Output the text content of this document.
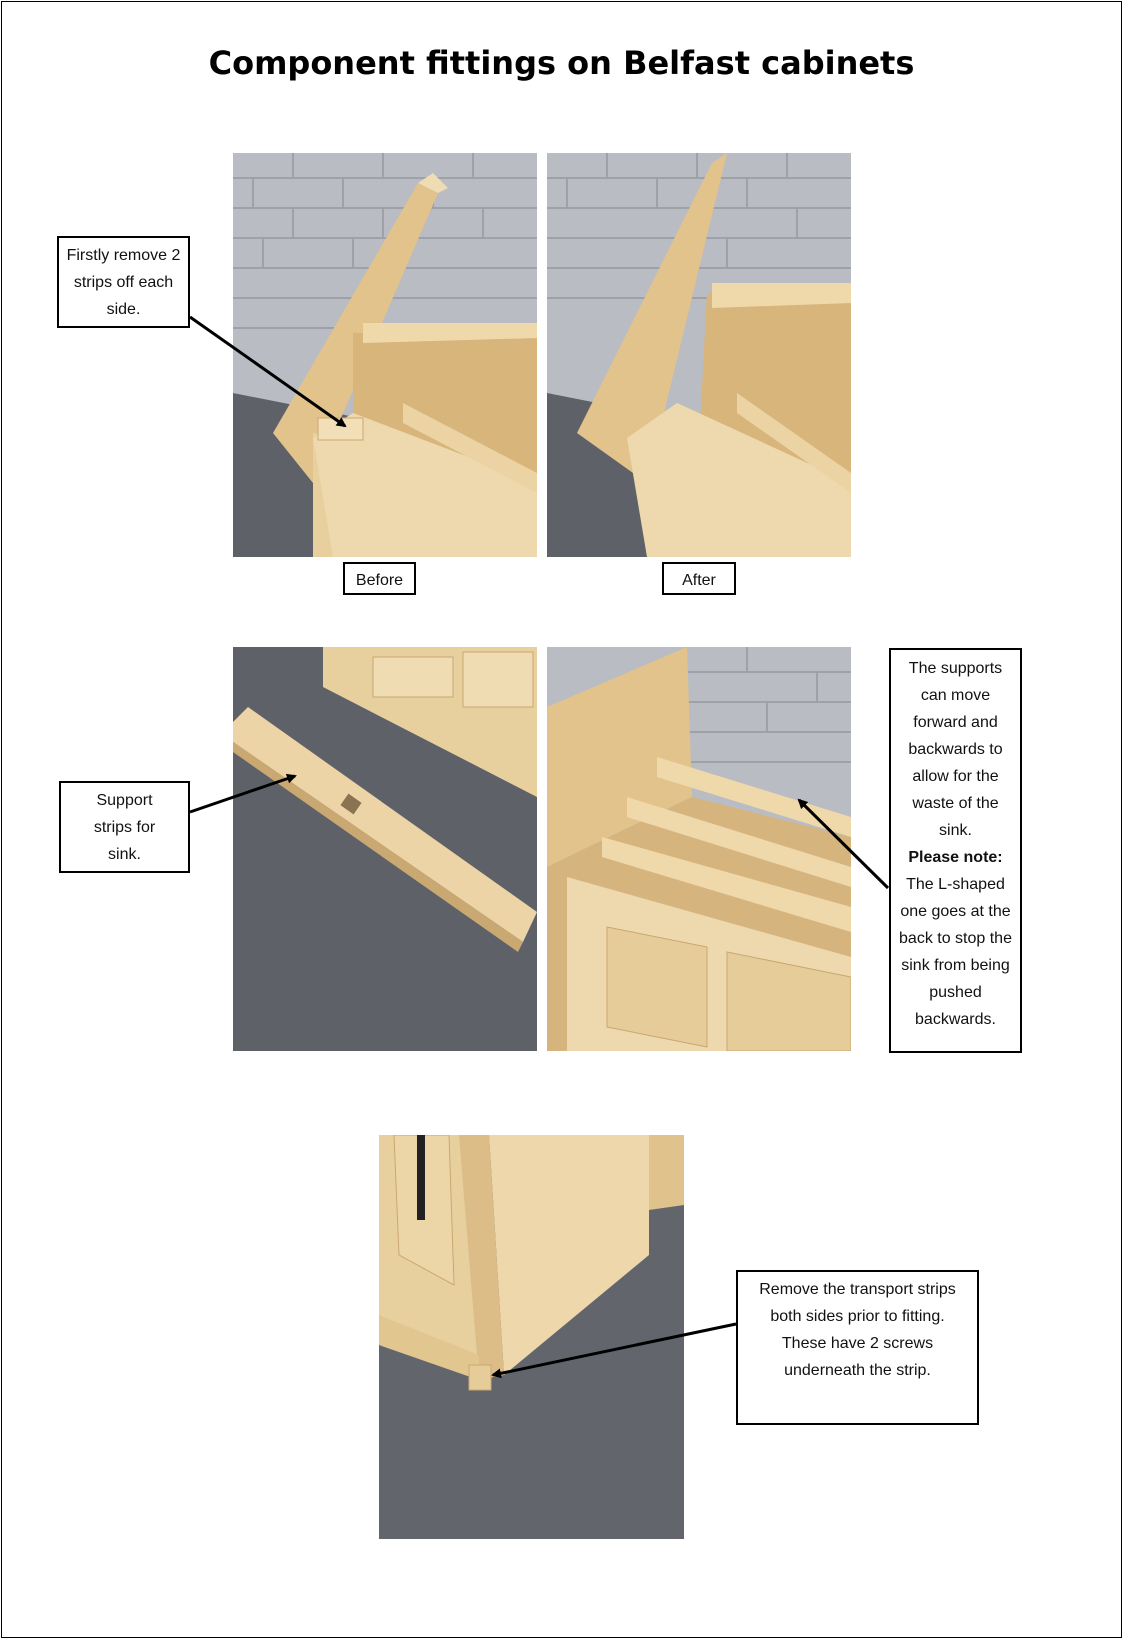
Component fittings on Belfast cabinets
Before	After
Firstly remove 2 strips off each side.
Support strips for sink.
The supports can move forward and backwards to allow for the waste of the sink.
Please note:
The L-shaped one goes at the back to stop the sink from being pushed backwards.
Remove the transport strips both sides prior to fitting. These have 2 screws underneath the strip.
